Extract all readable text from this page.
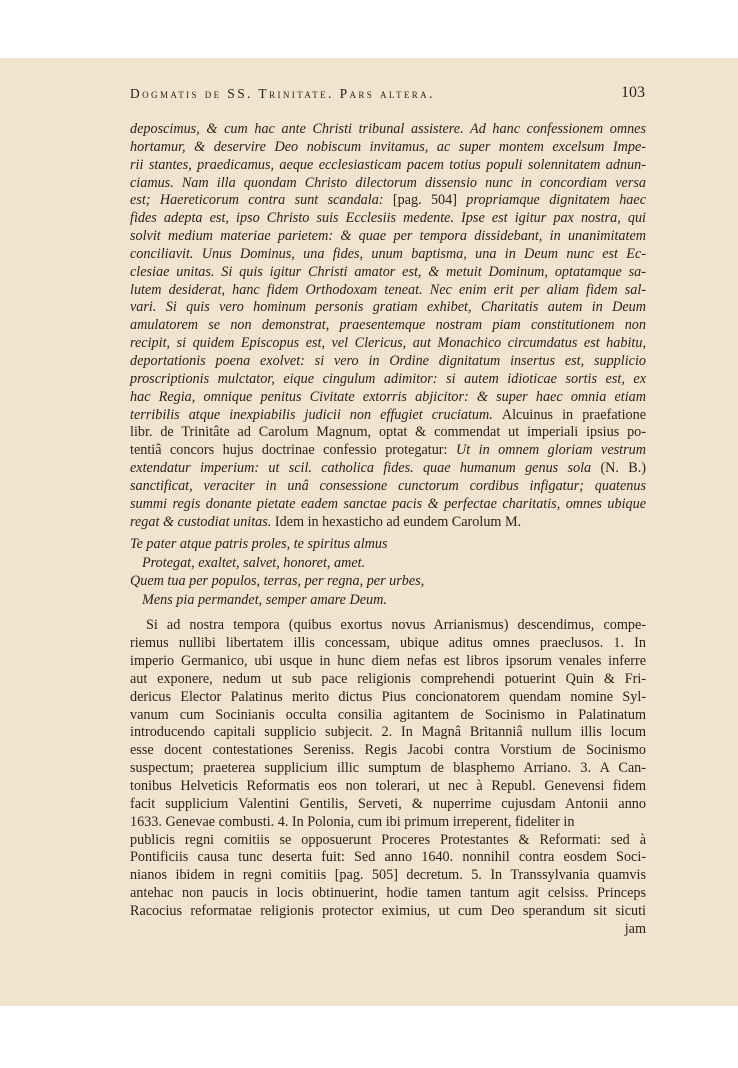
Dogmatis de SS. Trinitate. Pars altera.	103
deposcimus, & cum hac ante Christi tribunal assistere. Ad hanc confessionem omnes
hortamur, & deservire Deo nobiscum invitamus, ac super montem excelsum Impe-
rii stantes, praedicamus, aeque ecclesiasticam pacem totius populi solennitatem adnun-
ciamus. Nam illa quondam Christo dilectorum dissensio nunc in concordiam versa
est; Haereticorum contra sunt scandala: [pag. 504] propriamque dignitatem haec
fides adepta est, ipso Christo suis Ecclesiis medente. Ipse est igitur pax nostra, qui
solvit medium materiae parietem: & quae per tempora dissidebant, in unanimitatem
conciliavit. Unus Dominus, una fides, unum baptisma, una in Deum nunc est Ec-
clesiae unitas. Si quis igitur Christi amator est, & metuit Dominum, optatamque sa-
lutem desiderat, hanc fidem Orthodoxam teneat. Nec enim erit per aliam fidem sal-
vari. Si quis vero hominum personis gratiam exhibet, Charitatis autem in Deum
amulatorem se non demonstrat, praesentemque nostram piam constitutionem non
recipit, si quidem Episcopus est, vel Clericus, aut Monachico circumdatus est habitu,
deportationis poena exolvet: si vero in Ordine dignitatum insertus est, supplicio
proscriptionis mulctator, eique cingulum adimitor: si autem idioticae sortis est, ex
hac Regia, omnique penitus Civitate extorris abjicitor: & super haec omnia etiam
terribilis atque inexpiabilis judicii non effugiet cruciatum. Alcuinus in praefatione
libr. de Trinitâte ad Carolum Magnum, optat & commendat ut imperiali ipsius po-
tentiâ concors hujus doctrinae confessio protegatur: Ut in omnem gloriam vestrum
extendatur imperium: ut scil. catholica fides. quae humanum genus sola (N. B.)
sanctificat, veraciter in unâ consessione cunctorum cordibus infigatur; quatenus
summi regis donante pietate eadem sanctae pacis & perfectae charitatis, omnes ubique
regat & custodiat unitas. Idem in hexasticho ad eundem Carolum M.
Te pater atque patris proles, te spiritus almus
Protegat, exaltet, salvet, honoret, amet.
Quem tua per populos, terras, per regna, per urbes,
Mens pia permandet, semper amare Deum.
Si ad nostra tempora (quibus exortus novus Arrianismus) descendimus, compe-
riemus nullibi libertatem illis concessam, ubique aditus omnes praeclusos. 1. In
imperio Germanico, ubi usque in hunc diem nefas est libros ipsorum venales inferre
aut exponere, nedum ut sub pace religionis comprehendi potuerint Quin & Fri-
dericus Elector Palatinus merito dictus Pius concionatorem quendam nomine Syl-
vanum cum Socinianis occulta consilia agitantem de Socinismo in Palatinatum
introducendo capitali supplicio subjecit. 2. In Magnâ Britanniâ nullum illis locum
esse docent contestationes Sereniss. Regis Jacobi contra Vorstium de Socinismo
suspectum; praeterea supplicium illic sumptum de blasphemo Arriano. 3. A Can-
tonibus Helveticis Reformatis eos non tolerari, ut nec à Republ. Genevensi fidem
facit supplicium Valentini Gentilis, Serveti, & nuperrime cujusdam Antonii anno
1633. Genevae combusti. 4. In Polonia, cum ibi primum irreperent, fideliter in
publicis regni comitiis se opposuerunt Proceres Protestantes & Reformati: sed à
Pontificiis causa tunc deserta fuit: Sed anno 1640. nonnihil contra eosdem Soci-
nianos ibidem in regni comitiis [pag. 505] decretum. 5. In Transsylvania quamvis
antehac non paucis in locis obtinuerint, hodie tamen tantum agit celsiss. Princeps
Racocius reformatae religionis protector eximius, ut cum Deo sperandum sit sicuti
jam
